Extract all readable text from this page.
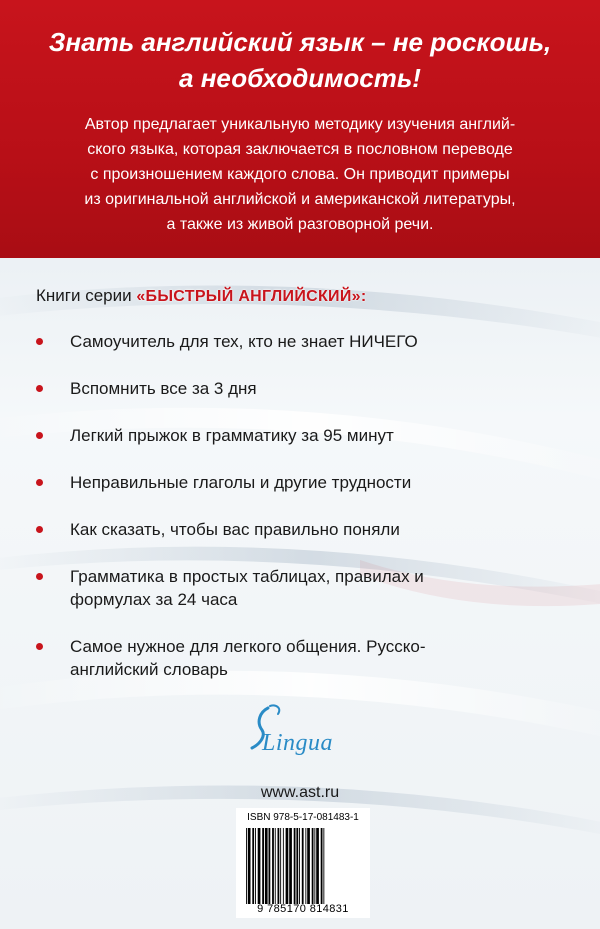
Знать английский язык – не роскошь,
а необходимость!
Автор предлагает уникальную методику изучения англий-
ского языка, которая заключается в пословном переводе
с произношением каждого слова. Он приводит примеры
из оригинальной английской и американской литературы,
а также из живой разговорной речи.
Книги серии «БЫСТРЫЙ АНГЛИЙСКИЙ»:
Самоучитель для тех, кто не знает НИЧЕГО
Вспомнить все за 3 дня
Легкий прыжок в грамматику за 95 минут
Неправильные глаголы и другие трудности
Как сказать, чтобы вас правильно поняли
Грамматика в простых таблицах, правилах и
формулах за 24 часа
Самое нужное для легкого общения. Русско-
английский словарь
Lingua
www.ast.ru
ISBN 978-5-17-081483-1
9 785170 814831
